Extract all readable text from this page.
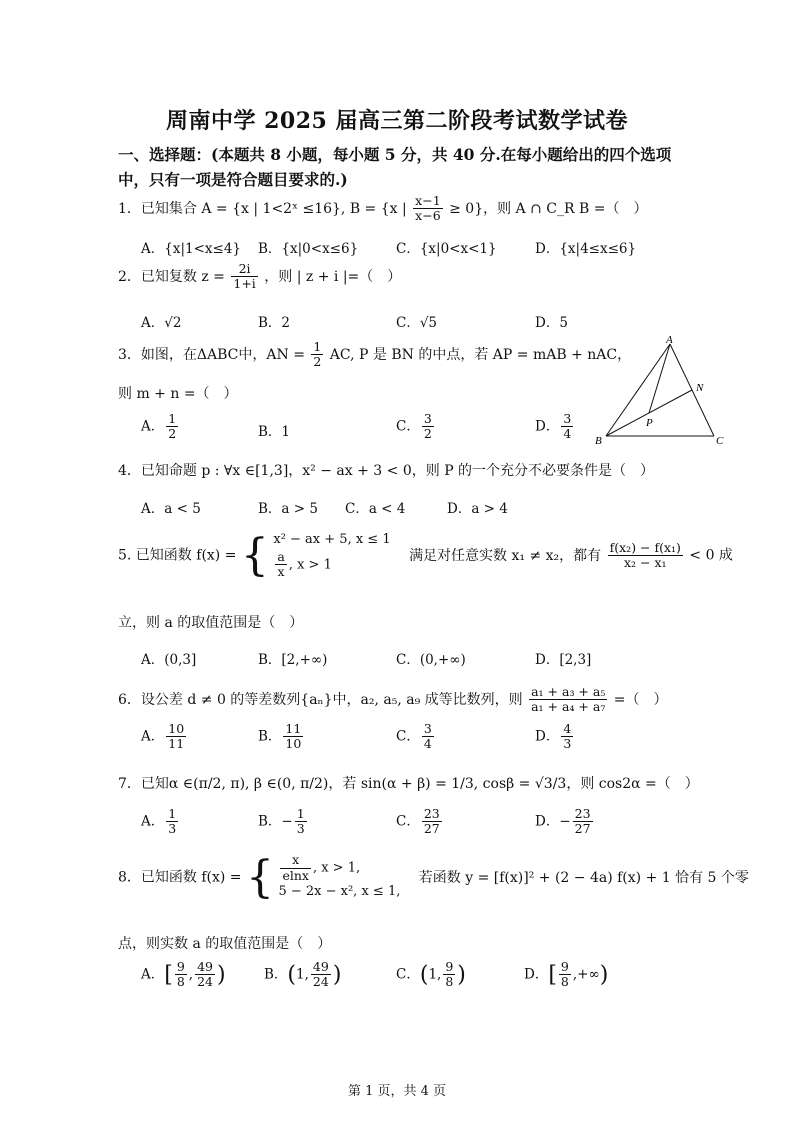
周南中学 2025 届高三第二阶段考试数学试卷
一、选择题：(本题共 8 小题，每小题 5 分，共 40 分.在每小题给出的四个选项
中，只有一项是符合题目要求的.)
1．已知集合 A = {x | 1<2ˣ ≤16}, B = {x | $\frac{x-1}{x-6} \ge 0$}，则 A ∩ C_R B =（　）
A．{x|1<x≤4} B．{x|0<x≤6}	C．{x|0<x<1}	D．{x|4≤x≤6}
2．已知复数 $z = \frac{2i}{1+i}$ ，则 | z + i |=（　）
A．√2	B．2	C．√5	D．5
3．如图，在ΔABC中，AN = $\frac{1}{2}$ AC, P 是 BN 的中点，若 AP = mAB + nAC，
则 m + n =（　）
A． $\frac{1}{2}$	B．1	C． $\frac{3}{2}$	D． $\frac{3}{4}$
A
N
P
B	C
4．已知命题 p : ∀x ∈[1,3]，x² − ax + 3 < 0，则 P 的一个充分不必要条件是（　）
A．a < 5	B．a > 5 C．a < 4	D．a > 4
5. 已知函数 f(x) = { x² − ax + 5, x ≤ 1
$\frac{a}{x}$ , x > 1
满足对任意实数 x₁ ≠ x₂，都有 $\frac{\text{f(x₂) − f(x₁)}}{\text{x₂ − x₁}} < 0$ 成
立，则 a 的取值范围是（　）
A．(0,3]	B．[2,+∞)	C．(0,+∞)	D．[2,3]
6．设公差 d ≠ 0 的等差数列{aₙ}中，a₂, a₅, a₉ 成等比数列，则 $\frac{\text{a₁ + a₃ + a₅}}{\text{a₁ + a₄ + a₇}}$ =（　）
A． $\frac{10}{11}$	B． $\frac{11}{10}$	C． $\frac{3}{4}$	D． $\frac{4}{3}$
7．已知α ∈(π/2, π), β ∈(0, π/2)，若 sin(α + β) = 1/3, cosβ = √3/3，则 cos2α =（　）
A． $\frac{1}{3}$	B．− $\frac{1}{3}$	C． $\frac{23}{27}$	D．− $\frac{23}{27}$
8．已知函数 f(x) = { $\frac{x}{elnx}$ , x > 1,
5 − 2x − x², x ≤ 1,
若函数 y = [f(x)]² + (2 − 4a) f(x) + 1 恰有 5 个零
点，则实数 a 的取值范围是（　）
A．[ $\frac{9}{8}$ , $\frac{49}{24}$ )	B．(1, $\frac{49}{24}$ )	C．(1, $\frac{9}{8}$ )	D．[ $\frac{9}{8}$ ,+∞)
第 1 页，共 4 页
